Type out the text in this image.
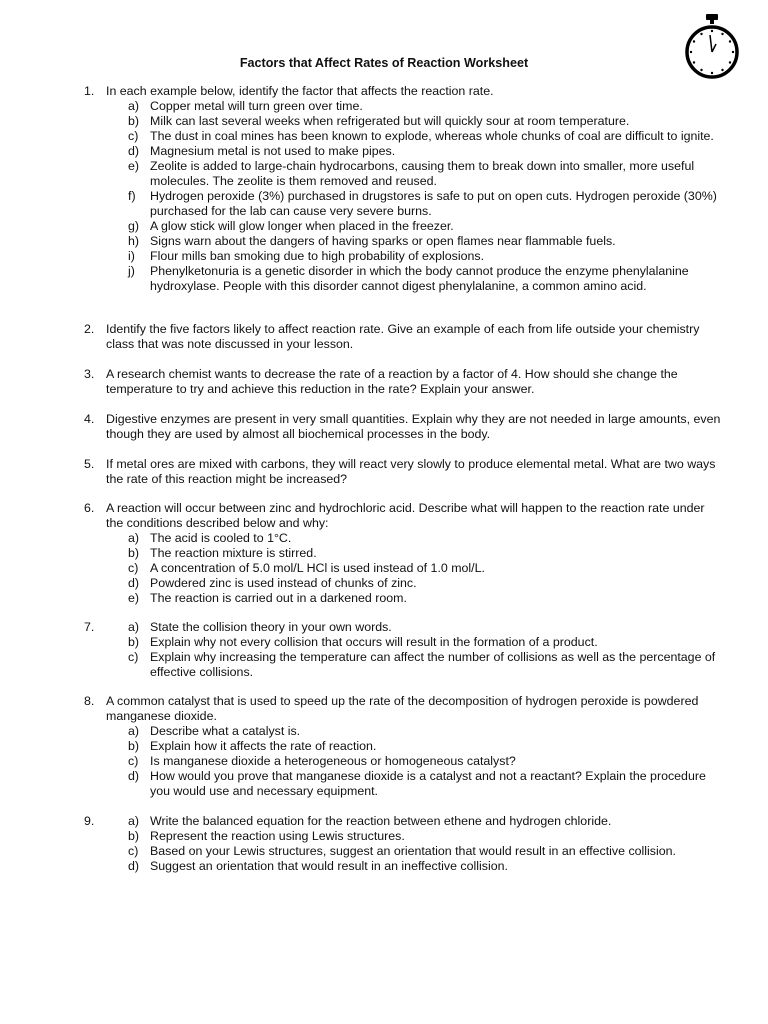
Factors that Affect Rates of Reaction Worksheet
1. In each example below, identify the factor that affects the reaction rate.
a) Copper metal will turn green over time.
b) Milk can last several weeks when refrigerated but will quickly sour at room temperature.
c) The dust in coal mines has been known to explode, whereas whole chunks of coal are difficult to ignite.
d) Magnesium metal is not used to make pipes.
e) Zeolite is added to large-chain hydrocarbons, causing them to break down into smaller, more useful molecules. The zeolite is them removed and reused.
f) Hydrogen peroxide (3%) purchased in drugstores is safe to put on open cuts. Hydrogen peroxide (30%) purchased for the lab can cause very severe burns.
g) A glow stick will glow longer when placed in the freezer.
h) Signs warn about the dangers of having sparks or open flames near flammable fuels.
i) Flour mills ban smoking due to high probability of explosions.
j) Phenylketonuria is a genetic disorder in which the body cannot produce the enzyme phenylalanine hydroxylase. People with this disorder cannot digest phenylalanine, a common amino acid.
2. Identify the five factors likely to affect reaction rate. Give an example of each from life outside your chemistry class that was note discussed in your lesson.
3. A research chemist wants to decrease the rate of a reaction by a factor of 4. How should she change the temperature to try and achieve this reduction in the rate? Explain your answer.
4. Digestive enzymes are present in very small quantities. Explain why they are not needed in large amounts, even though they are used by almost all biochemical processes in the body.
5. If metal ores are mixed with carbons, they will react very slowly to produce elemental metal. What are two ways the rate of this reaction might be increased?
6. A reaction will occur between zinc and hydrochloric acid. Describe what will happen to the reaction rate under the conditions described below and why:
a) The acid is cooled to 1°C.
b) The reaction mixture is stirred.
c) A concentration of 5.0 mol/L HCl is used instead of 1.0 mol/L.
d) Powdered zinc is used instead of chunks of zinc.
e) The reaction is carried out in a darkened room.
7.	a) State the collision theory in your own words.
b) Explain why not every collision that occurs will result in the formation of a product.
c) Explain why increasing the temperature can affect the number of collisions as well as the percentage of effective collisions.
8. A common catalyst that is used to speed up the rate of the decomposition of hydrogen peroxide is powdered manganese dioxide.
a) Describe what a catalyst is.
b) Explain how it affects the rate of reaction.
c) Is manganese dioxide a heterogeneous or homogeneous catalyst?
d) How would you prove that manganese dioxide is a catalyst and not a reactant? Explain the procedure you would use and necessary equipment.
9.	a) Write the balanced equation for the reaction between ethene and hydrogen chloride.
b) Represent the reaction using Lewis structures.
c) Based on your Lewis structures, suggest an orientation that would result in an effective collision.
d) Suggest an orientation that would result in an ineffective collision.
